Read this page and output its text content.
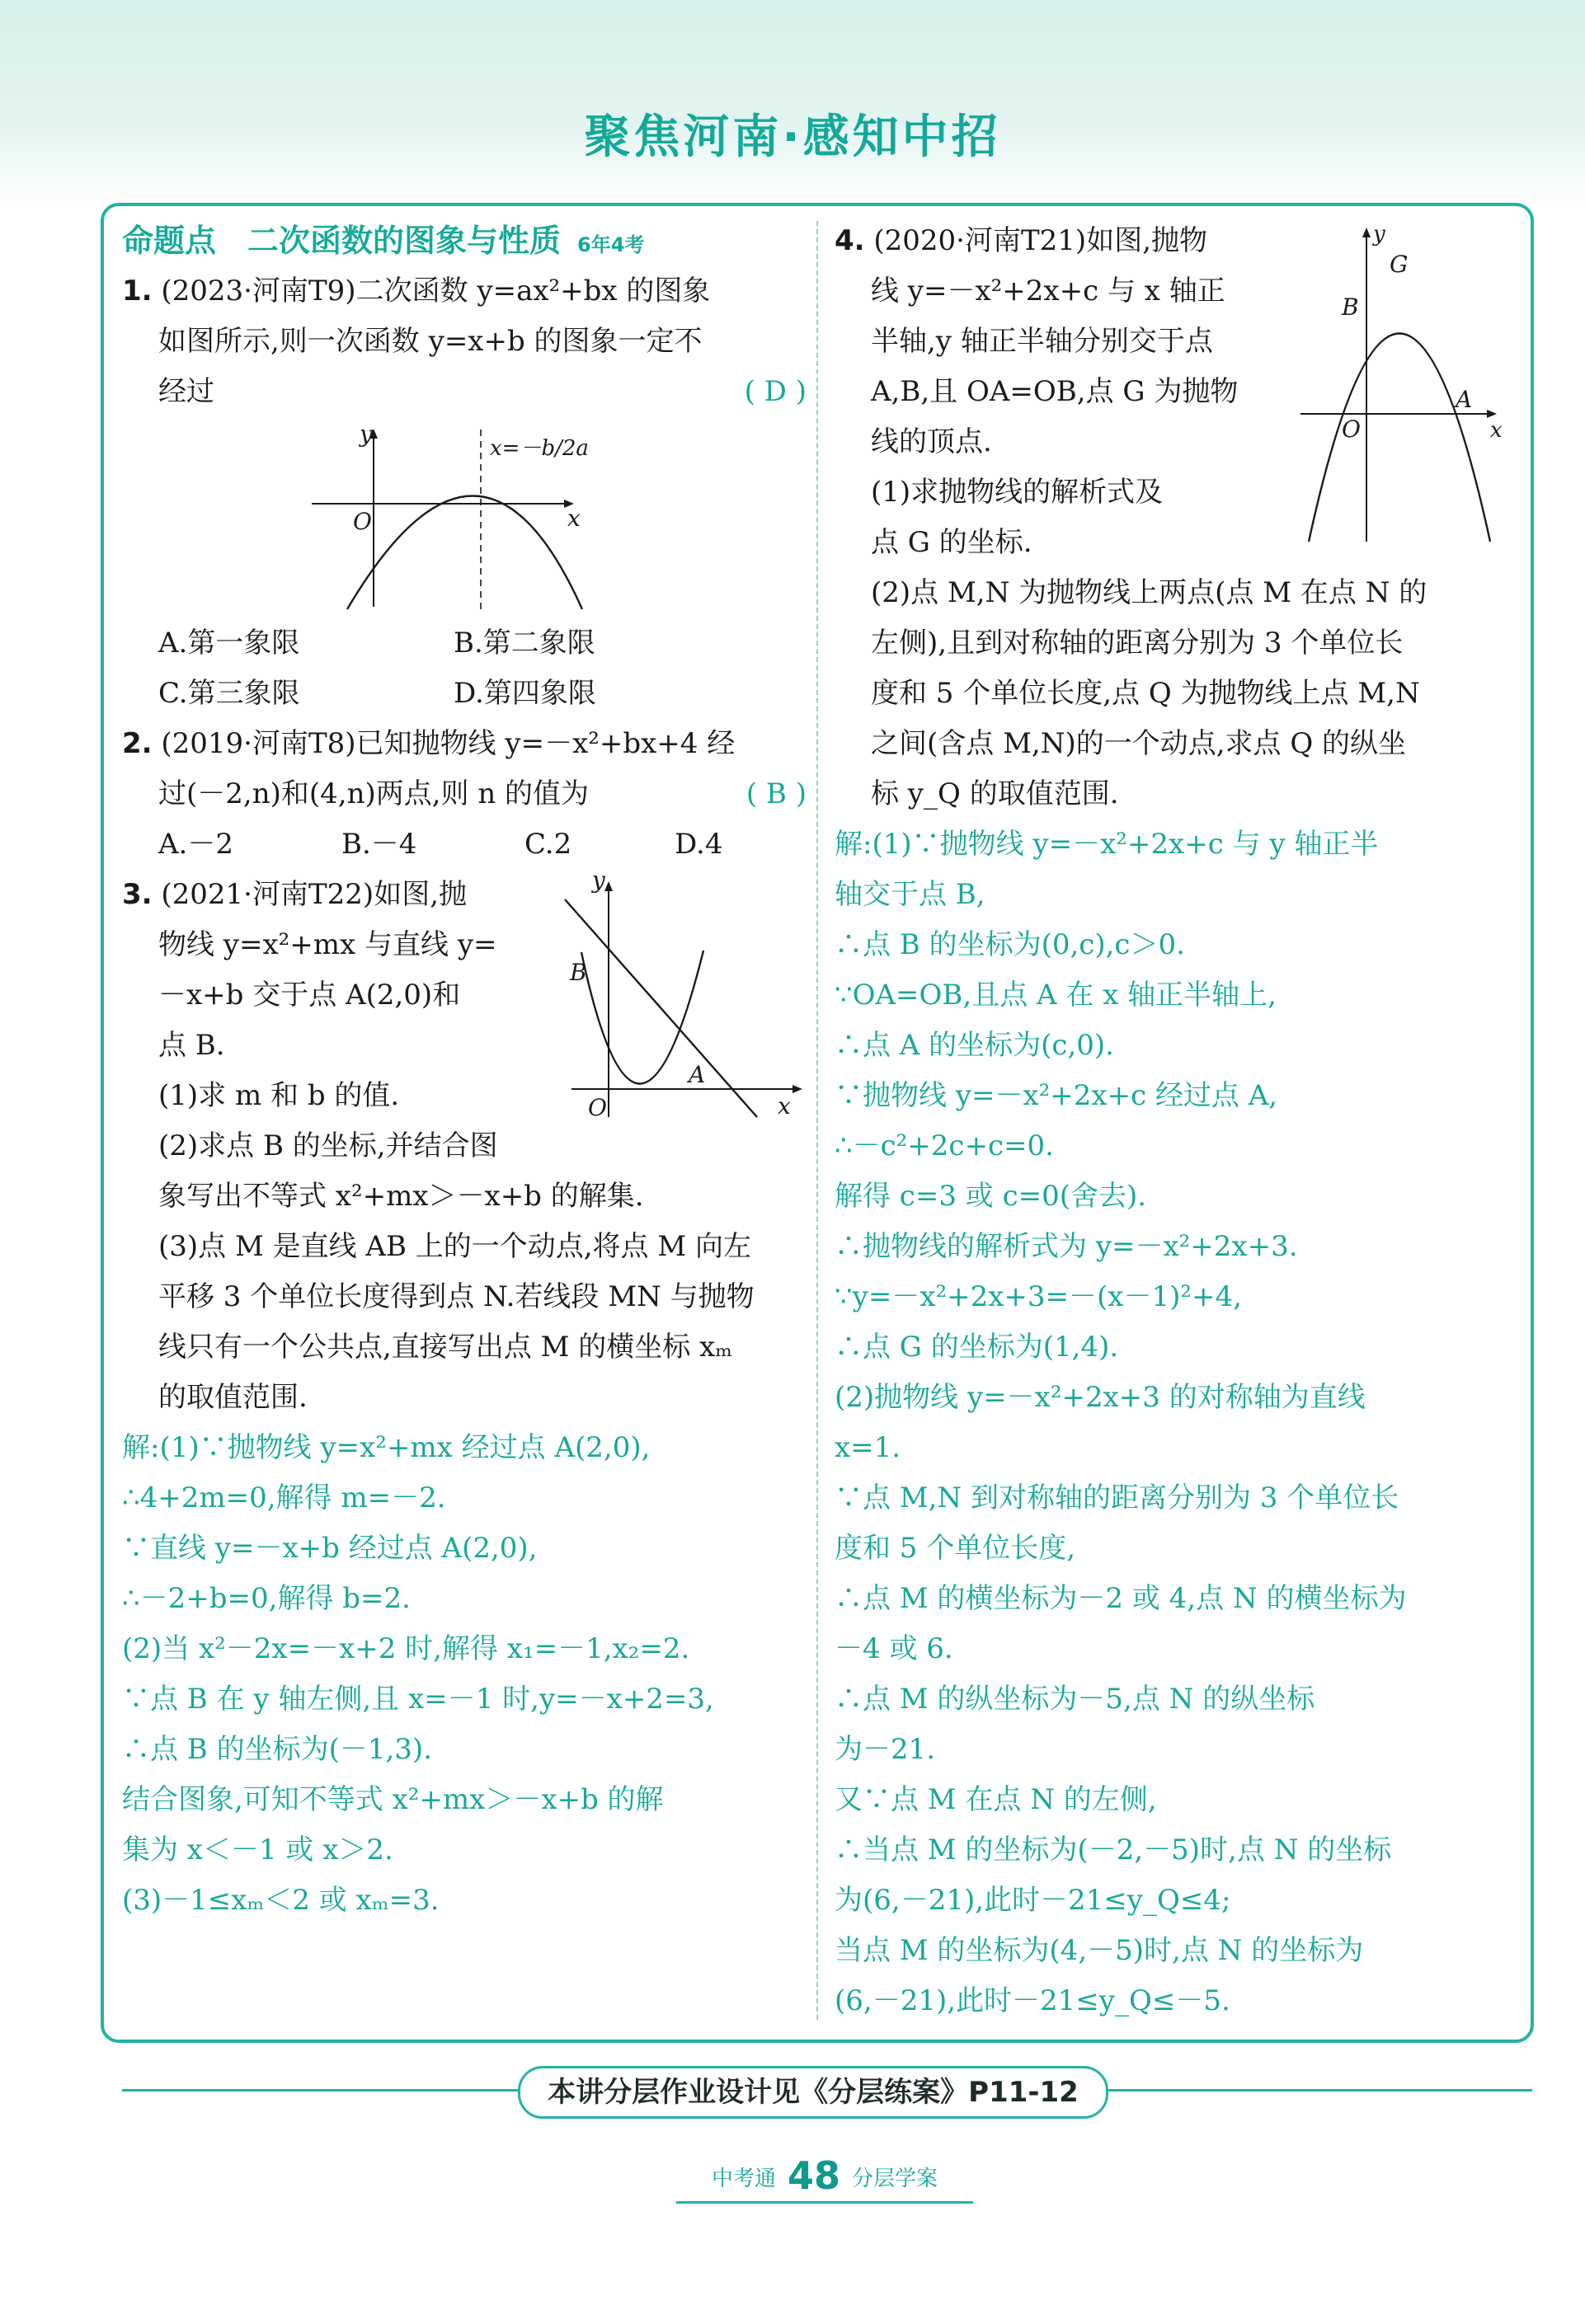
聚焦河南·感知中招
命题点　二次函数的图象与性质 6年4考
1. (2023·河南T9)二次函数 y=ax²+bx 的图象
如图所示,则一次函数 y=x+b 的图象一定不
经过	( D )
y
x
O
x=－b/2a
A.第一象限	B.第二象限
C.第三象限	D.第四象限
2. (2019·河南T8)已知抛物线 y=－x²+bx+4 经
过(－2,n)和(4,n)两点,则 n 的值为	( B )
A.－2	B.－4	C.2	D.4
3. (2021·河南T22)如图,抛
物线 y=x²+mx 与直线 y=
－x+b 交于点 A(2,0)和
点 B.
(1)求 m 和 b 的值.
(2)求点 B 的坐标,并结合图
象写出不等式 x²+mx＞－x+b 的解集.
(3)点 M 是直线 AB 上的一个动点,将点 M 向左
平移 3 个单位长度得到点 N.若线段 MN 与抛物
线只有一个公共点,直接写出点 M 的横坐标 xₘ
的取值范围.
y
x
O
A
B
解:(1)∵抛物线 y=x²+mx 经过点 A(2,0),
∴4+2m=0,解得 m=－2.
∵直线 y=－x+b 经过点 A(2,0),
∴－2+b=0,解得 b=2.
(2)当 x²－2x=－x+2 时,解得 x₁=－1,x₂=2.
∵点 B 在 y 轴左侧,且 x=－1 时,y=－x+2=3,
∴点 B 的坐标为(－1,3).
结合图象,可知不等式 x²+mx＞－x+b 的解
集为 x＜－1 或 x＞2.
(3)－1≤xₘ＜2 或 xₘ=3.
4. (2020·河南T21)如图,抛物
线 y=－x²+2x+c 与 x 轴正
半轴,y 轴正半轴分别交于点
A,B,且 OA=OB,点 G 为抛物
线的顶点.
(1)求抛物线的解析式及
点 G 的坐标.
(2)点 M,N 为抛物线上两点(点 M 在点 N 的
左侧),且到对称轴的距离分别为 3 个单位长
度和 5 个单位长度,点 Q 为抛物线上点 M,N
之间(含点 M,N)的一个动点,求点 Q 的纵坐
标 y_Q 的取值范围.
y
x
O
A
B
G
解:(1)∵抛物线 y=－x²+2x+c 与 y 轴正半
轴交于点 B,
∴点 B 的坐标为(0,c),c＞0.
∵OA=OB,且点 A 在 x 轴正半轴上,
∴点 A 的坐标为(c,0).
∵抛物线 y=－x²+2x+c 经过点 A,
∴－c²+2c+c=0.
解得 c=3 或 c=0(舍去).
∴抛物线的解析式为 y=－x²+2x+3.
∵y=－x²+2x+3=－(x－1)²+4,
∴点 G 的坐标为(1,4).
(2)抛物线 y=－x²+2x+3 的对称轴为直线
x=1.
∵点 M,N 到对称轴的距离分别为 3 个单位长
度和 5 个单位长度,
∴点 M 的横坐标为－2 或 4,点 N 的横坐标为
－4 或 6.
∴点 M 的纵坐标为－5,点 N 的纵坐标
为－21.
又∵点 M 在点 N 的左侧,
∴当点 M 的坐标为(－2,－5)时,点 N 的坐标
为(6,－21),此时－21≤y_Q≤4;
当点 M 的坐标为(4,－5)时,点 N 的坐标为
(6,－21),此时－21≤y_Q≤－5.
本讲分层作业设计见《分层练案》P11-12
中考通 48 分层学案
